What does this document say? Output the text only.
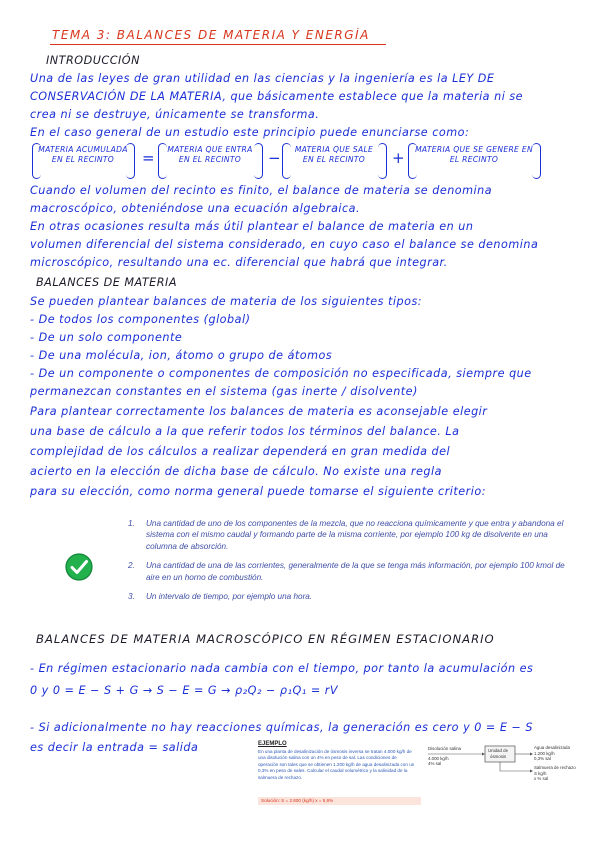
TEMA 3: BALANCES DE MATERIA Y ENERGÍA
INTRODUCCIÓN
Una de las leyes de gran utilidad en las ciencias y la ingeniería es la LEY DE
CONSERVACIÓN DE LA MATERIA, que básicamente establece que la materia ni se
crea ni se destruye, únicamente se transforma.
En el caso general de un estudio este principio puede enunciarse como:
MATERIA ACUMULADA EN EL RECINTO	=	MATERIA QUE ENTRA EN EL RECINTO	−	MATERIA QUE SALE EN EL RECINTO	+ MATERIA QUE SE GENERE EN EL RECINTO
Cuando el volumen del recinto es finito, el balance de materia se denomina
macroscópico, obteniéndose una ecuación algebraica.
En otras ocasiones resulta más útil plantear el balance de materia en un
volumen diferencial del sistema considerado, en cuyo caso el balance se denomina
microscópico, resultando una ec. diferencial que habrá que integrar.
BALANCES DE MATERIA
Se pueden plantear balances de materia de los siguientes tipos:
- De todos los componentes (global)
- De un solo componente
- De una molécula, ion, átomo o grupo de átomos
- De un componente o componentes de composición no especificada, siempre que
permanezcan constantes en el sistema (gas inerte / disolvente)
Para plantear correctamente los balances de materia es aconsejable elegir
una base de cálculo a la que referir todos los términos del balance. La
complejidad de los cálculos a realizar dependerá en gran medida del
acierto en la elección de dicha base de cálculo. No existe una regla
para su elección, como norma general puede tomarse el siguiente criterio:
1. Una cantidad de uno de los componentes de la mezcla, que no reacciona químicamente y que entra y abandona el sistema con el mismo caudal y formando parte de la misma corriente, por ejemplo 100 kg de disolvente en una columna de absorción.
2. Una cantidad de una de las corrientes, generalmente de la que se tenga más información, por ejemplo 100 kmol de aire en un horno de combustión.
3. Un intervalo de tiempo, por ejemplo una hora.
BALANCES DE MATERIA MACROSCÓPICO EN RÉGIMEN ESTACIONARIO
- En régimen estacionario nada cambia con el tiempo, por tanto la acumulación es
0 y 0 = E − S + G → S − E = G → ρ₂Q₂ − ρ₁Q₁ = rV
- Si adicionalmente no hay reacciones químicas, la generación es cero y 0 = E − S
es decir la entrada = salida	EJEMPLO
En una planta de desalinización de ósmosis inversa se tratan 4.000 kg/h de una disolución salina con un 4% en peso de sal. Las condiciones de operación son tales que se obtienen 1.200 kg/h de agua desalinizada con un 0,3% en peso de sales. Calcular el caudal volumétrico y la salinidad de la salmuera de rechazo.
Solución: S = 2.800 (kg/h) x = 5,6%
Disolución salina
4.000 kg/h
4% sal
Unidad de
ósmosis
Agua desalinizada
1.200 kg/h
0,3% sal
Salmuera de rechazo
S kg/h
x % sal
